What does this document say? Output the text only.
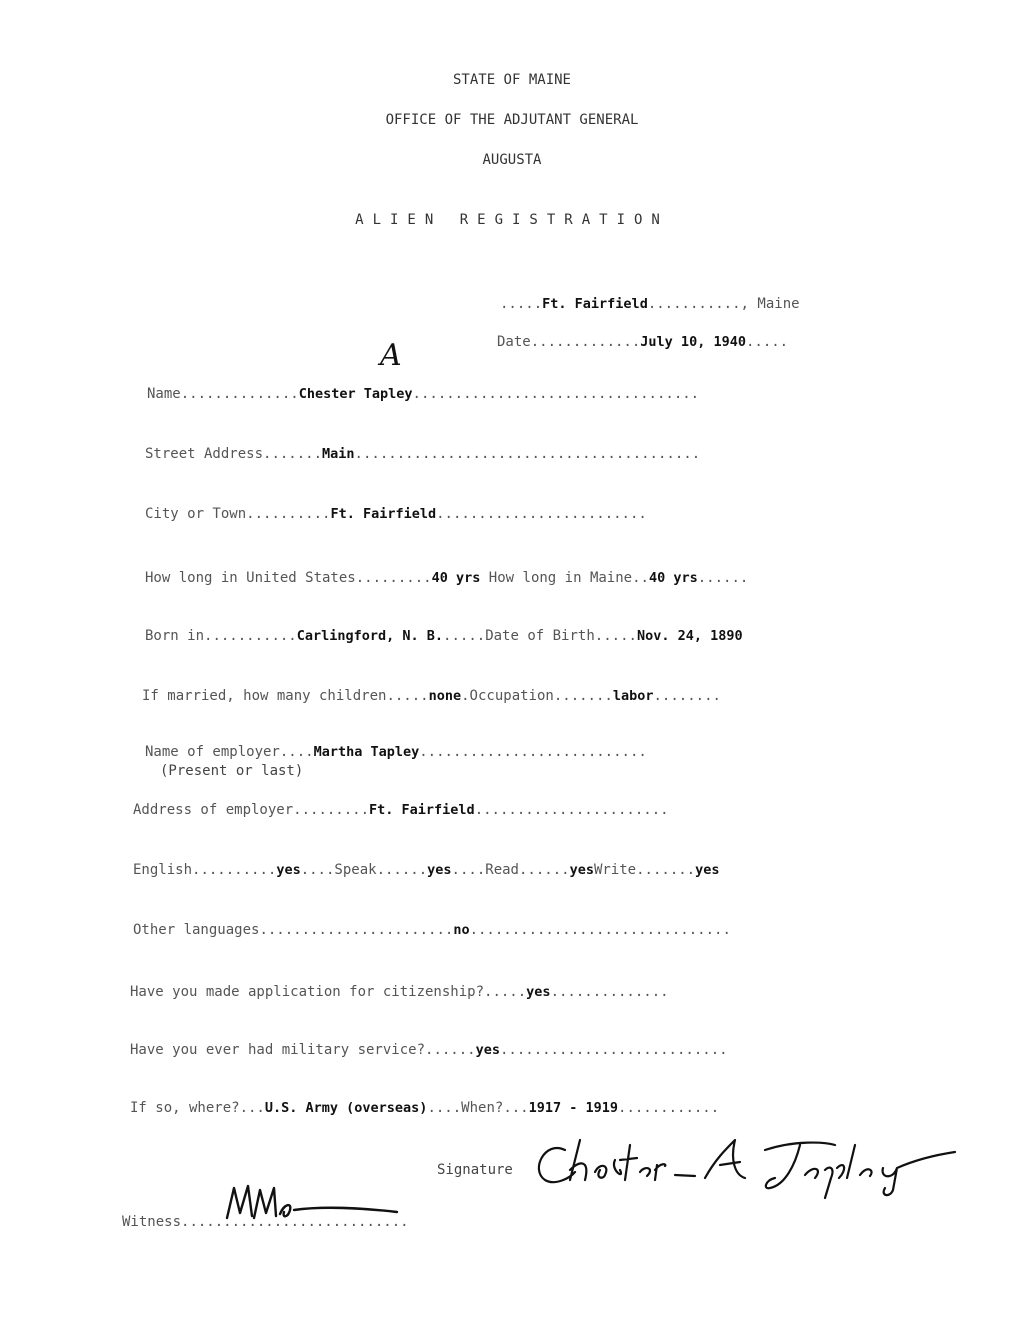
STATE OF MAINE
OFFICE OF THE ADJUTANT GENERAL
AUGUSTA
ALIEN REGISTRATION
.....Ft. Fairfield..........., Maine
Date.............July 10, 1940.....
A
Name..............Chester Tapley..................................
Street Address.......Main.........................................
City or Town..........Ft. Fairfield.........................
How long in United States.........40 yrs How long in Maine..40 yrs......
Born in...........Carlingford, N. B......Date of Birth.....Nov. 24, 1890
If married, how many children.....none.Occupation.......labor........
Name of employer....Martha Tapley...........................
(Present or last)
Address of employer.........Ft. Fairfield.......................
English..........yes....Speak......yes....Read......yesWrite.......yes
Other languages.......................no...............................
Have you made application for citizenship?.....yes..............
Have you ever had military service?......yes...........................
If so, where?...U.S. Army (overseas)....When?...1917 - 1919............
Signature
Witness...........................
